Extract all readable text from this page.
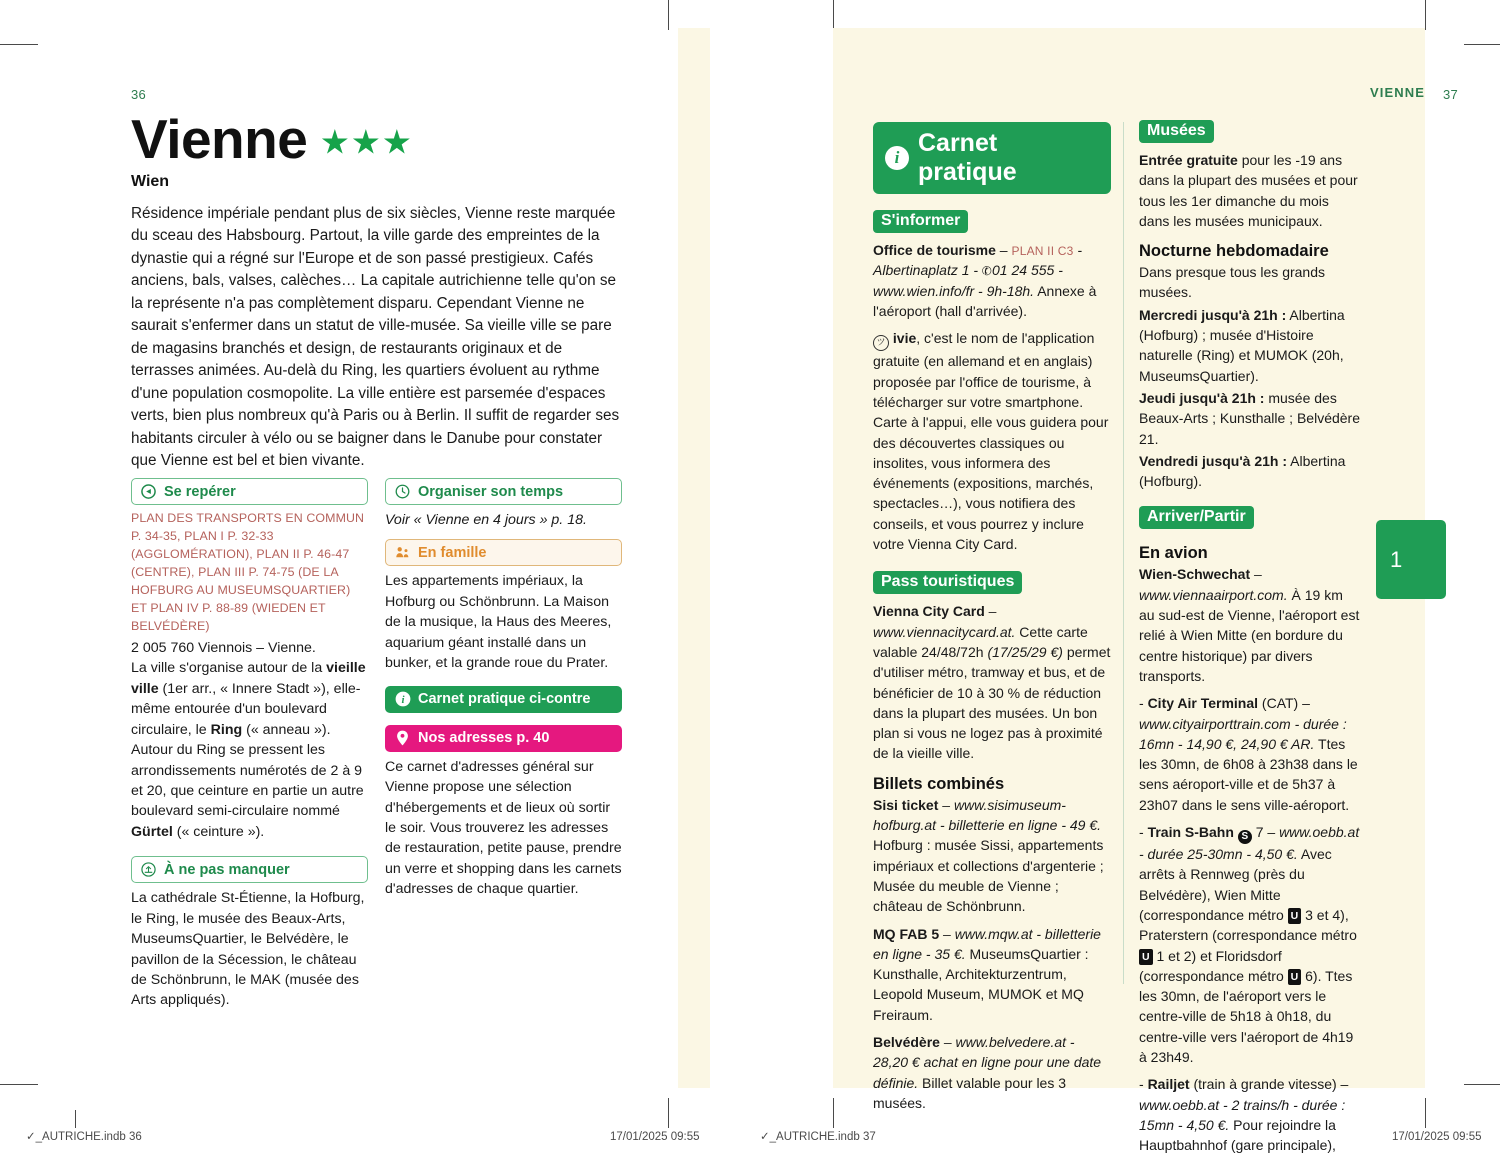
36
Vienne
Wien
Résidence impériale pendant plus de six siècles, Vienne reste marquée du sceau des Habsbourg. Partout, la ville garde des empreintes de la dynastie qui a régné sur l'Europe et de son passé prestigieux. Cafés anciens, bals, valses, calèches… La capitale autrichienne telle qu'on se la représente n'a pas complètement disparu. Cependant Vienne ne saurait s'enfermer dans un statut de ville-musée. Sa vieille ville se pare de magasins branchés et design, de restaurants originaux et de terrasses animées. Au-delà du Ring, les quartiers évoluent au rythme d'une population cosmopolite. La ville entière est parsemée d'espaces verts, bien plus nombreux qu'à Paris ou à Berlin. Il suffit de regarder ses habitants circuler à vélo ou se baigner dans le Danube pour constater que Vienne est bel et bien vivante.
Se repérer

PLAN DES TRANSPORTS EN COMMUN P. 34-35, PLAN I P. 32-33 (AGGLOMÉRATION), PLAN II P. 46-47 (CENTRE), PLAN III P. 74-75 (DE LA HOFBURG AU MUSEUMSQUARTIER) ET PLAN IV P. 88-89 (WIEDEN ET BELVÉDÈRE)

2 005 760 Viennois – Vienne.

La ville s'organise autour de la vieille ville (1er arr., « Innere Stadt »), elle-même entourée d'un boulevard circulaire, le Ring (« anneau »). Autour du Ring se pressent les arrondissements numérotés de 2 à 9 et 20, que ceinture en partie un autre boulevard semi-circulaire nommé Gürtel (« ceinture »).

À ne pas manquer

La cathédrale St-Étienne, la Hofburg, le Ring, le musée des Beaux-Arts, MuseumsQuartier, le Belvédère, le pavillon de la Sécession, le château de Schönbrunn, le MAK (musée des Arts appliqués).

Organiser son temps

Voir « Vienne en 4 jours » p. 18.

En famille

Les appartements impériaux, la Hofburg ou Schönbrunn. La Maison de la musique, la Haus des Meeres, aquarium géant installé dans un bunker, et la grande roue du Prater.

i Carnet pratique ci-contre
Nos adresses p. 40

Ce carnet d'adresses général sur Vienne propose une sélection d'hébergements et de lieux où sortir le soir. Vous trouverez les adresses de restauration, petite pause, prendre un verre et shopping dans les carnets d'adresses de chaque quartier.

VIENNE 37
i
Carnet pratique
S'informer

Office de tourisme – PLAN II C3 - Albertinaplatz 1 - ✆01 24 555 - www.wien.info/fr - 9h-18h. Annexe à l'aéroport (hall d'arrivée).

ツ ivie, c'est le nom de l'application gratuite (en allemand et en anglais) proposée par l'office de tourisme, à télécharger sur votre smartphone. Carte à l'appui, elle vous guidera pour des découvertes classiques ou insolites, vous informera des événements (expositions, marchés, spectacles…), vous notifiera des conseils, et vous pourrez y inclure votre Vienna City Card.

Pass touristiques

Vienna City Card – www.viennacitycard.at. Cette carte valable 24/48/72h (17/25/29 €) permet d'utiliser métro, tramway et bus, et de bénéficier de 10 à 30 % de réduction dans la plupart des musées. Un bon plan si vous ne logez pas à proximité de la vieille ville.

Billets combinés

Sisi ticket – www.sisimuseum-hofburg.at - billetterie en ligne - 49 €. Hofburg : musée Sissi, appartements impériaux et collections d'argenterie ; Musée du meuble de Vienne ; château de Schönbrunn.

MQ FAB 5 – www.mqw.at - billetterie en ligne - 35 €. MuseumsQuartier : Kunsthalle, Architekturzentrum, Leopold Museum, MUMOK et MQ Freiraum.

Belvédère – www.belvedere.at - 28,20 € achat en ligne pour une date définie. Billet valable pour les 3 musées.

Musées

Entrée gratuite pour les -19 ans dans la plupart des musées et pour tous les 1er dimanche du mois dans les musées municipaux.

Nocturne hebdomadaire

Dans presque tous les grands musées.

Mercredi jusqu'à 21h : Albertina (Hofburg) ; musée d'Histoire naturelle (Ring) et MUMOK (20h, MuseumsQuartier).

Jeudi jusqu'à 21h : musée des Beaux-Arts ; Kunsthalle ; Belvédère 21.

Vendredi jusqu'à 21h : Albertina (Hofburg).

Arriver/Partir
En avion

Wien-Schwechat – www.viennaairport.com. À 19 km au sud-est de Vienne, l'aéroport est relié à Wien Mitte (en bordure du centre historique) par divers transports.

- City Air Terminal (CAT) – www.cityairporttrain.com - durée : 16mn - 14,90 €, 24,90 € AR. Ttes les 30mn, de 6h08 à 23h38 dans le sens aéroport-ville et de 5h37 à 23h07 dans le sens ville-aéroport.

- Train S-Bahn S 7 – www.oebb.at - durée 25-30mn - 4,50 €. Avec arrêts à Rennweg (près du Belvédère), Wien Mitte (correspondance métro U 3 et 4), Praterstern (correspondance métro U 1 et 2) et Floridsdorf (correspondance métro U 6). Ttes les 30mn, de l'aéroport vers le centre-ville de 5h18 à 0h18, du centre-ville vers l'aéroport de 4h19 à 23h49.

- Railjet (train à grande vitesse) – www.oebb.at - 2 trains/h - durée : 15mn - 4,50 €. Pour rejoindre la Hauptbahnhof (gare principale),

1
✓_AUTRICHE.indb 36	17/01/2025 09:55	✓_AUTRICHE.indb 37	17/01/2025 09:55
